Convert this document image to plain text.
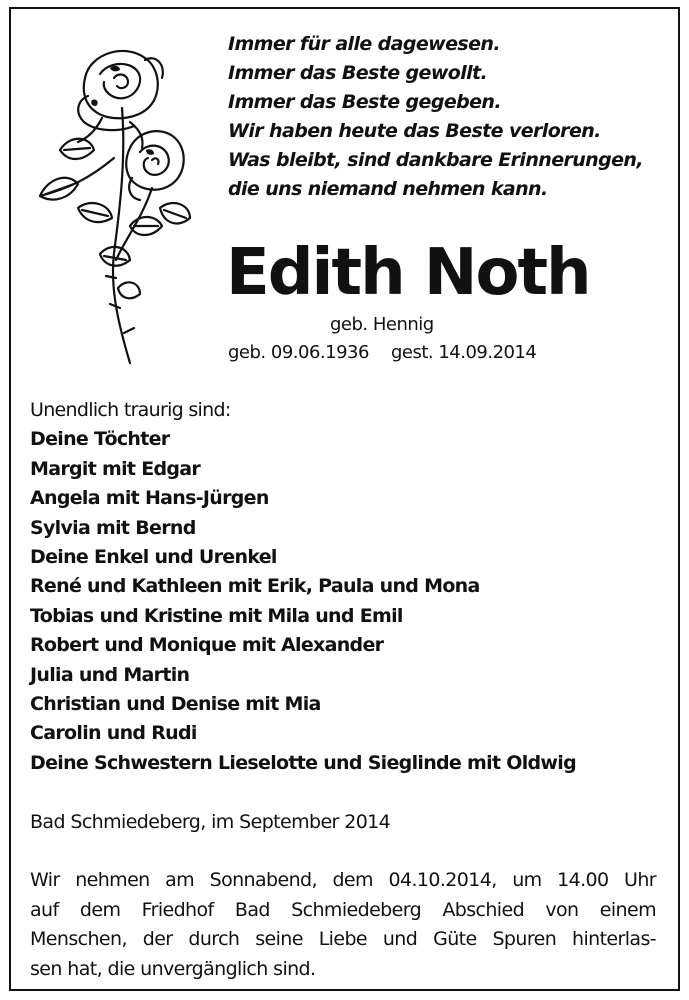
Immer für alle dagewesen.
Immer das Beste gewollt.
Immer das Beste gegeben.
Wir haben heute das Beste verloren.
Was bleibt, sind dankbare Erinnerungen,
die uns niemand nehmen kann.
Edith Noth
geb. Hennig
geb. 09.06.1936 gest. 14.09.2014
Unendlich traurig sind:
Deine Töchter
Margit mit Edgar
Angela mit Hans-Jürgen
Sylvia mit Bernd
Deine Enkel und Urenkel
René und Kathleen mit Erik, Paula und Mona
Tobias und Kristine mit Mila und Emil
Robert und Monique mit Alexander
Julia und Martin
Christian und Denise mit Mia
Carolin und Rudi
Deine Schwestern Lieselotte und Sieglinde mit Oldwig
Bad Schmiedeberg, im September 2014
Wir nehmen am Sonnabend, dem 04.10.2014, um 14.00 Uhr
auf dem Friedhof Bad Schmiedeberg Abschied von einem
Menschen, der durch seine Liebe und Güte Spuren hinterlas-
sen hat, die unvergänglich sind.
